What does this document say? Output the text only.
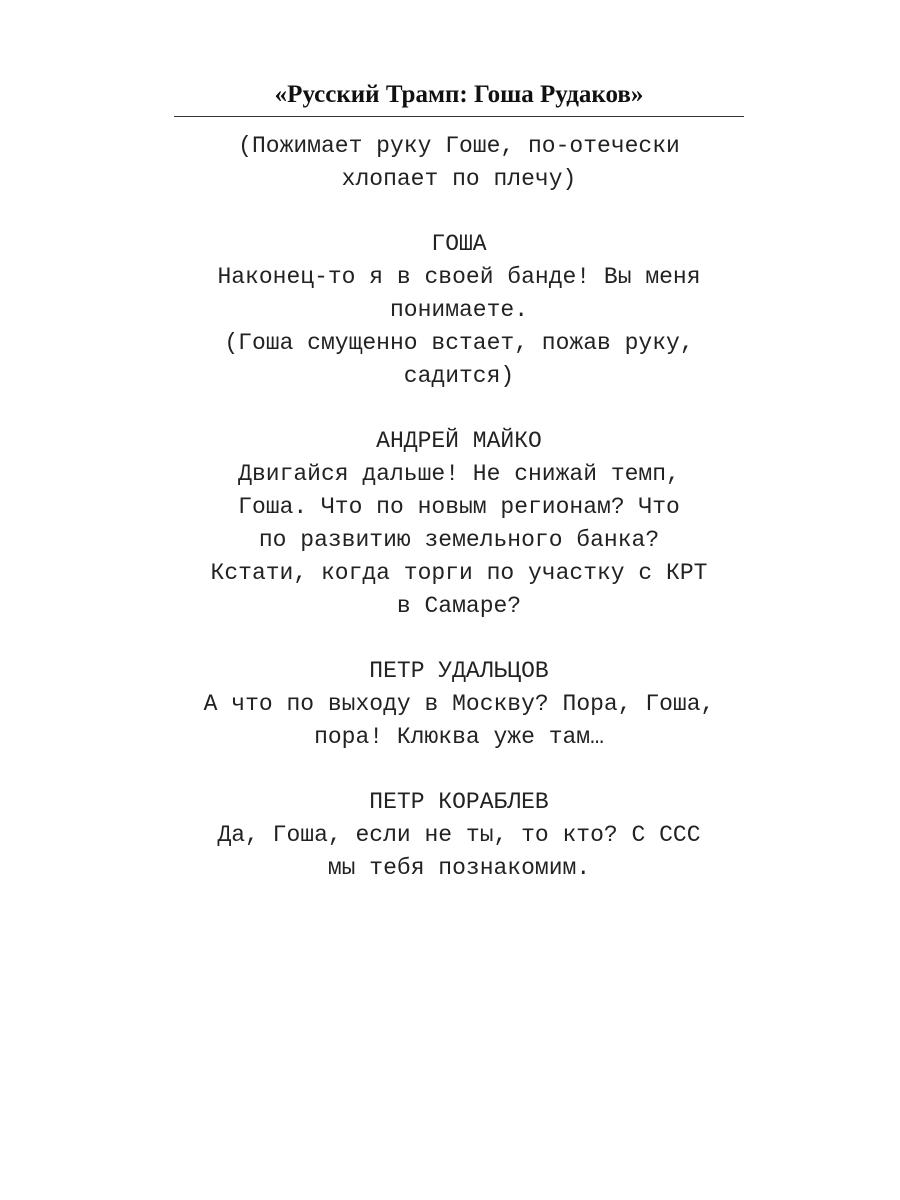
«Русский Трамп: Гоша Рудаков»
(Пожимает руку Гоше, по-отечески
хлопает по плечу)
ГОША
Наконец-то я в своей банде! Вы меня
понимаете.
(Гоша смущенно встает, пожав руку,
садится)
АНДРЕЙ МАЙКО
Двигайся дальше! Не снижай темп,
Гоша. Что по новым регионам? Что
по развитию земельного банка?
Кстати, когда торги по участку с КРТ
в Самаре?
ПЕТР УДАЛЬЦОВ
А что по выходу в Москву? Пора, Гоша,
пора! Клюква уже там…
ПЕТР КОРАБЛЕВ
Да, Гоша, если не ты, то кто? С ССС
мы тебя познакомим.
